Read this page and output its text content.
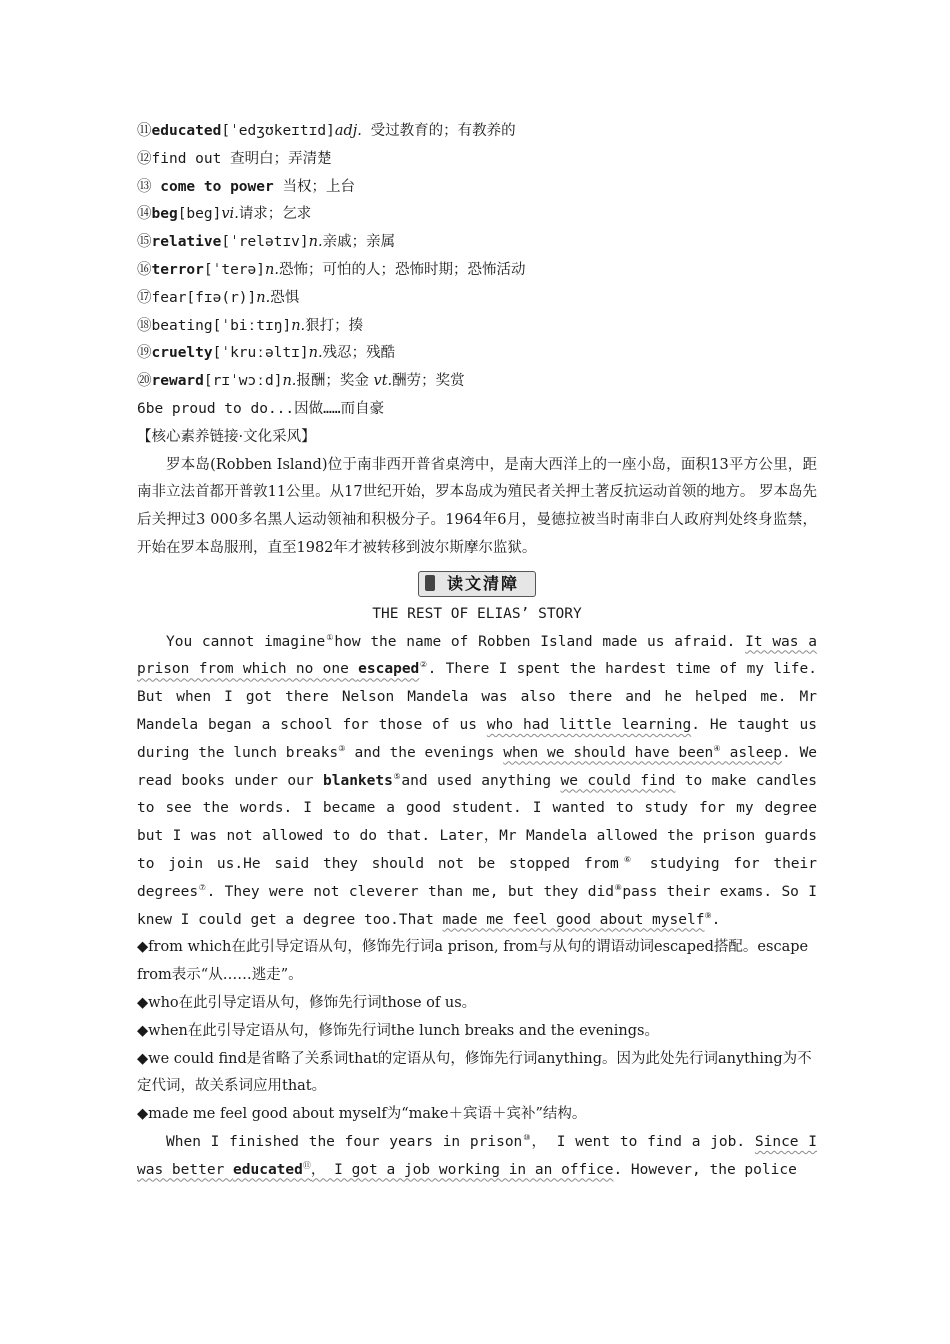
⑪educated[ˈedʒʊkeɪtɪd]adj. 受过教育的；有教养的
⑫find out 查明白；弄清楚
⑬ come to power 当权；上台
⑭beg[beg]vi.请求；乞求
⑮relative[ˈrelətɪv]n.亲戚；亲属
⑯terror[ˈterə]n.恐怖；可怕的人；恐怖时期；恐怖活动
⑰fear[fɪə(r)]n.恐惧
⑱beating[ˈbiːtɪŋ]n.狠打；揍
⑲cruelty[ˈkruːəltɪ]n.残忍；残酷
⑳reward[rɪˈwɔːd]n.报酬；奖金 vt.酬劳；奖赏
6be proud to do...因做……而自豪
【核心素养链接·文化采风】
罗本岛(Robben Island)位于南非西开普省桌湾中，是南大西洋上的一座小岛，面积13平方公里，距南非立法首都开普敦11公里。从17世纪开始，罗本岛成为殖民者关押土著反抗运动首领的地方。 罗本岛先后关押过3 000多名黑人运动领袖和积极分子。1964年6月，曼德拉被当时南非白人政府判处终身监禁，开始在罗本岛服刑，直至1982年才被转移到波尔斯摩尔监狱。
读文清障
THE REST OF ELIAS’ STORY
You cannot imagine①how the name of Robben Island made us afraid. It was a prison from which no one escaped②. There I spent the hardest time of my life. But when I got there Nelson Mandela was also there and he helped me. Mr Mandela began a school for those of us who had little learning. He taught us during the lunch breaks③ and the evenings when we should have been④ asleep. We read books under our blankets⑤and used anything we could find to make candles to see the words. I became a good student. I wanted to study for my degree but I was not allowed to do that. Later，Mr Mandela allowed the prison guards to join us.He said they should not be stopped from⑥ studying for their degrees⑦. They were not cleverer than me, but they did⑧pass their exams. So I knew I could get a degree too.That made me feel good about myself⑨.
◆from which在此引导定语从句，修饰先行词a prison, from与从句的谓语动词escaped搭配。escape from表示“从……逃走”。
◆who在此引导定语从句，修饰先行词those of us。
◆when在此引导定语从句，修饰先行词the lunch breaks and the evenings。
◆we could find是省略了关系词that的定语从句，修饰先行词anything。因为此处先行词anything为不定代词，故关系词应用that。
◆made me feel good about myself为“make＋宾语＋宾补”结构。
When I finished the four years in prison⑩， I went to find a job. Since I was better educated⑪， I got a job working in an office. However, the police
